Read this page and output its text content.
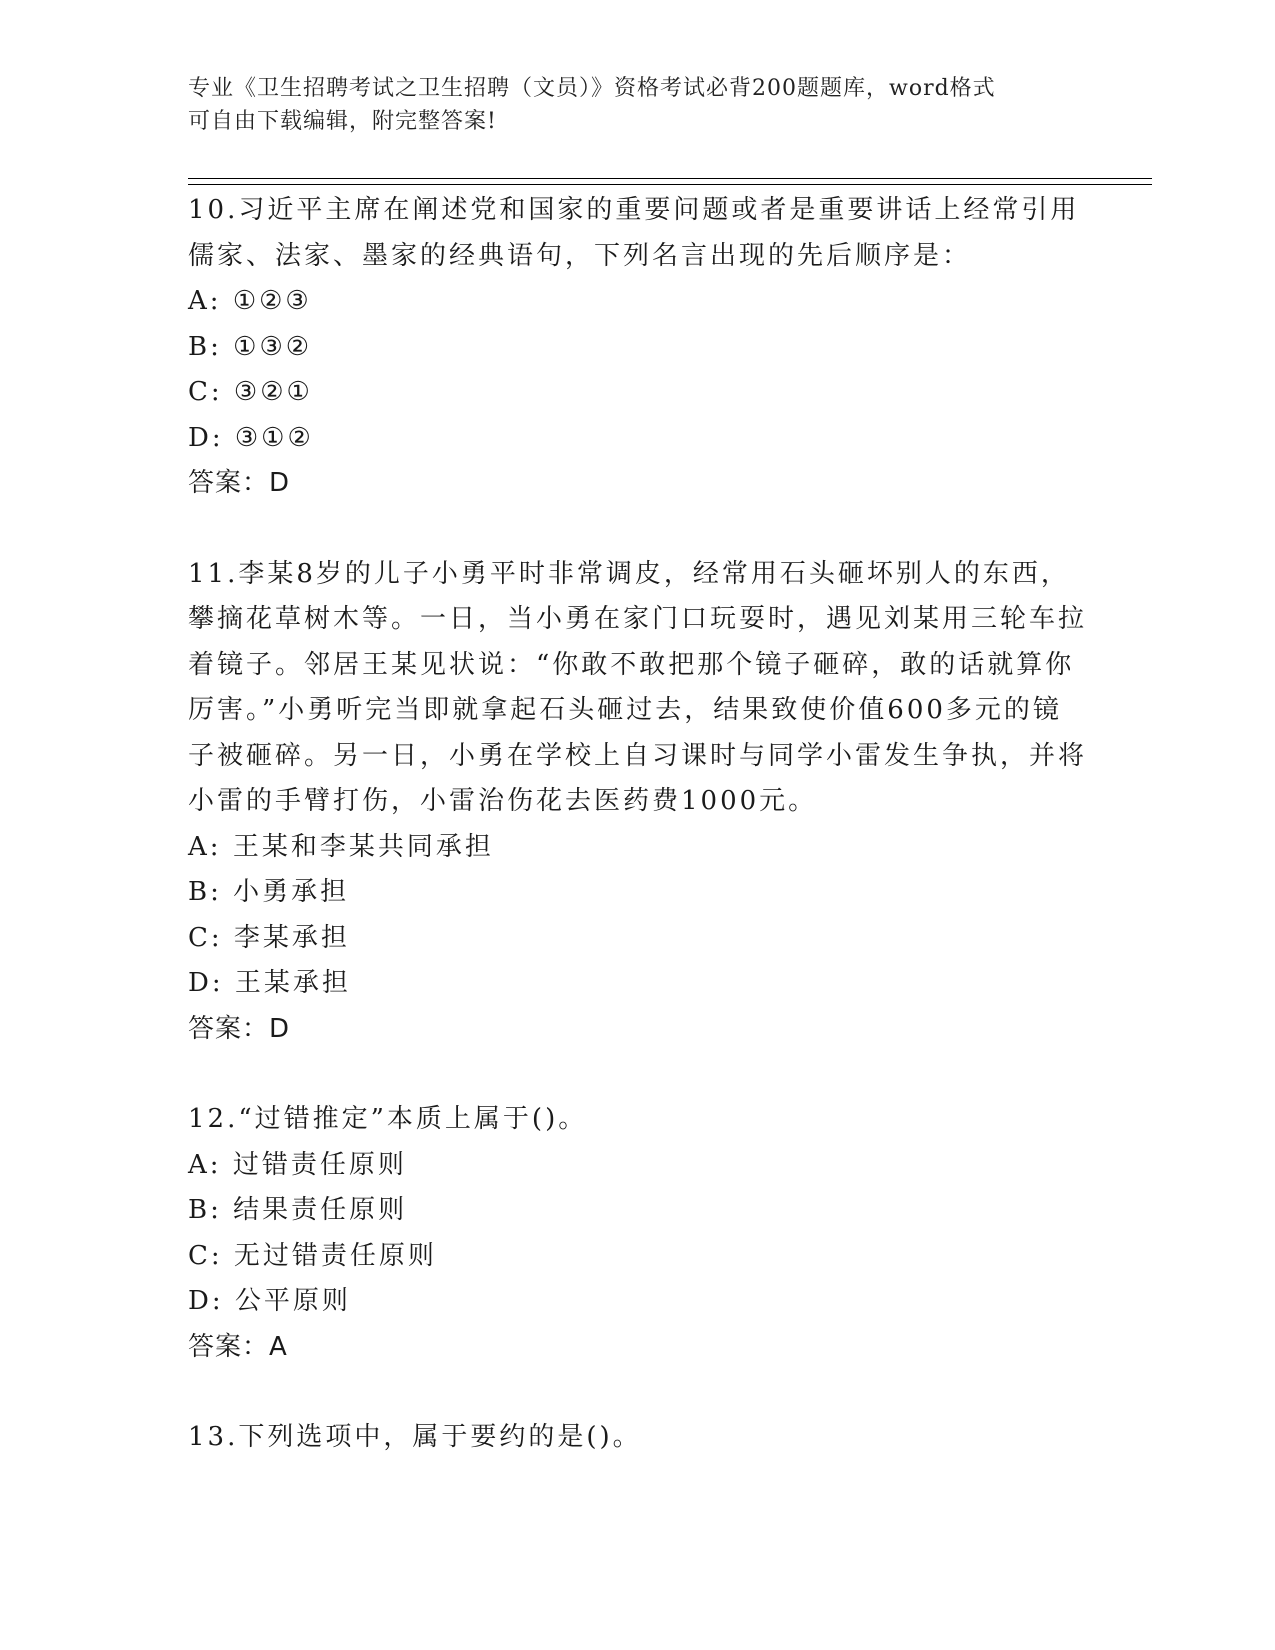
专业《卫生招聘考试之卫生招聘（文员）》资格考试必背200题题库，word格式
可自由下载编辑，附完整答案!

10.习近平主席在阐述党和国家的重要问题或者是重要讲话上经常引用儒家、法家、墨家的经典语句，下列名言出现的先后顺序是：

A: ①②③

B: ①③②

C: ③②①

D: ③①②

答案：D

11.李某8岁的儿子小勇平时非常调皮，经常用石头砸坏别人的东西，攀摘花草树木等。一日，当小勇在家门口玩耍时，遇见刘某用三轮车拉着镜子。邻居王某见状说：“你敢不敢把那个镜子砸碎，敢的话就算你厉害。”小勇听完当即就拿起石头砸过去，结果致使价值600多元的镜子被砸碎。另一日，小勇在学校上自习课时与同学小雷发生争执，并将小雷的手臂打伤，小雷治伤花去医药费1000元。

A: 王某和李某共同承担

B: 小勇承担

C: 李某承担

D: 王某承担

答案：D

12.“过错推定”本质上属于()。

A: 过错责任原则

B: 结果责任原则

C: 无过错责任原则

D: 公平原则

答案：A

13.下列选项中，属于要约的是()。
